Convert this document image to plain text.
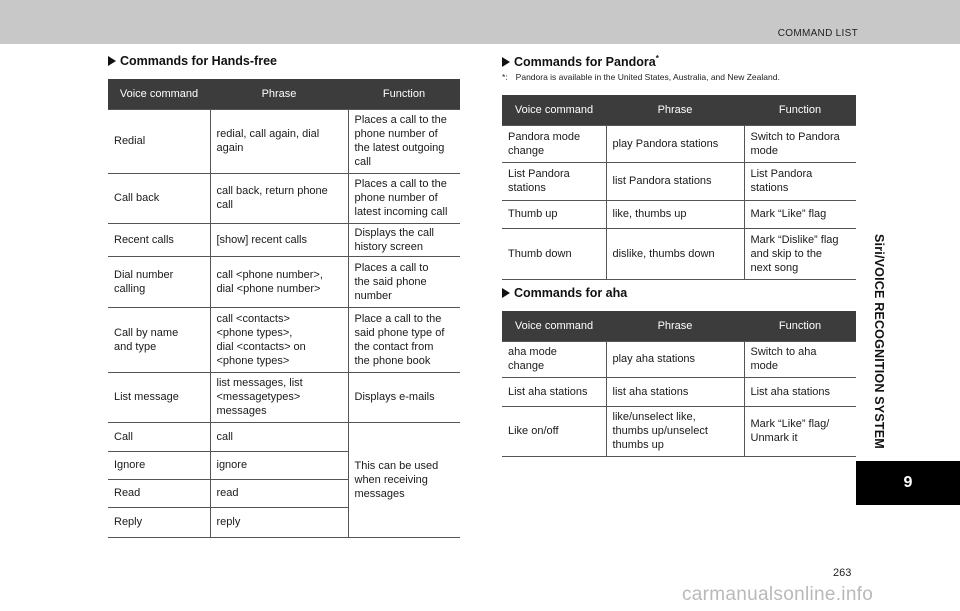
COMMAND LIST
Siri/VOICE RECOGNITION SYSTEM
9
Commands for Hands-free
Voice command	Phrase	Function

Redial	redial, call again, dial
again	Places a call to the
phone number of
the latest outgoing
call

Call back	call back, return phone
call	Places a call to the
phone number of
latest incoming call

Recent calls	[show] recent calls	Displays the call
history screen

Dial number
calling	call <phone number>,
dial <phone number>	Places a call to
the said phone
number

Call by name
and type	call <contacts>
<phone types>,
dial <contacts> on
<phone types>	Place a call to the
said phone type of
the contact from
the phone book

List message	list messages, list
<messagetypes>
messages	Displays e-mails

Call	call	This can be used
when receiving
messages

Ignore	ignore	
Read	read	
Reply	reply	
Commands for Pandora*
*: Pandora is available in the United States, Australia, and New Zealand.
Voice command	Phrase	Function

Pandora mode
change	play Pandora stations	Switch to Pandora
mode

List Pandora
stations	list Pandora stations	List Pandora
stations

Thumb up	like, thumbs up	Mark “Like” flag

Thumb down	dislike, thumbs down	Mark “Dislike” flag
and skip to the
next song
Commands for aha
Voice command	Phrase	Function

aha mode
change	play aha stations	Switch to aha
mode

List aha stations	list aha stations	List aha stations

Like on/off	like/unselect like,
thumbs up/unselect
thumbs up	Mark “Like” flag/
Unmark it
263
carmanualsonline.info
